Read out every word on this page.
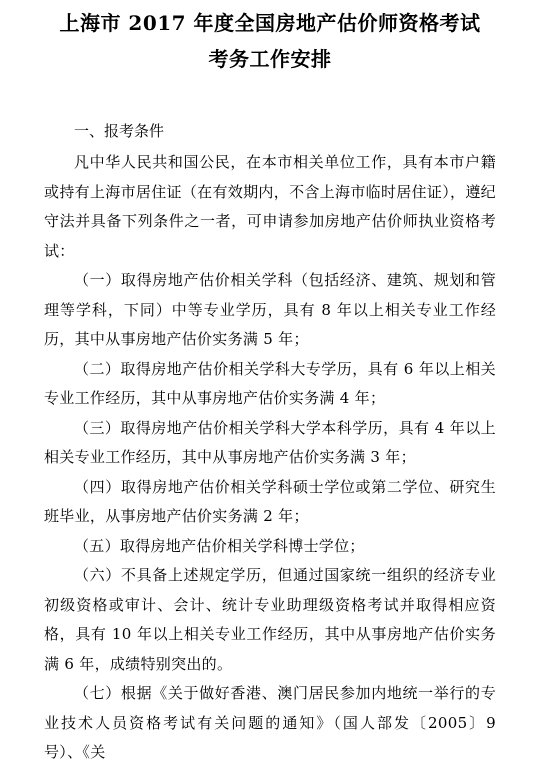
上海市 2017 年度全国房地产估价师资格考试
考务工作安排

一、报考条件

凡中华人民共和国公民，在本市相关单位工作，具有本市户籍或持有上海市居住证（在有效期内，不含上海市临时居住证），遵纪守法并具备下列条件之一者，可申请参加房地产估价师执业资格考试：

（一）取得房地产估价相关学科（包括经济、建筑、规划和管理等学科，下同）中等专业学历，具有 8 年以上相关专业工作经历，其中从事房地产估价实务满 5 年；

（二）取得房地产估价相关学科大专学历，具有 6 年以上相关专业工作经历，其中从事房地产估价实务满 4 年；

（三）取得房地产估价相关学科大学本科学历，具有 4 年以上相关专业工作经历，其中从事房地产估价实务满 3 年；

（四）取得房地产估价相关学科硕士学位或第二学位、研究生班毕业，从事房地产估价实务满 2 年；

（五）取得房地产估价相关学科博士学位；

（六）不具备上述规定学历，但通过国家统一组织的经济专业初级资格或审计、会计、统计专业助理级资格考试并取得相应资格，具有 10 年以上相关专业工作经历，其中从事房地产估价实务满 6 年，成绩特别突出的。

（七）根据《关于做好香港、澳门居民参加内地统一举行的专业技术人员资格考试有关问题的通知》（国人部发〔2005〕9 号）、《关
